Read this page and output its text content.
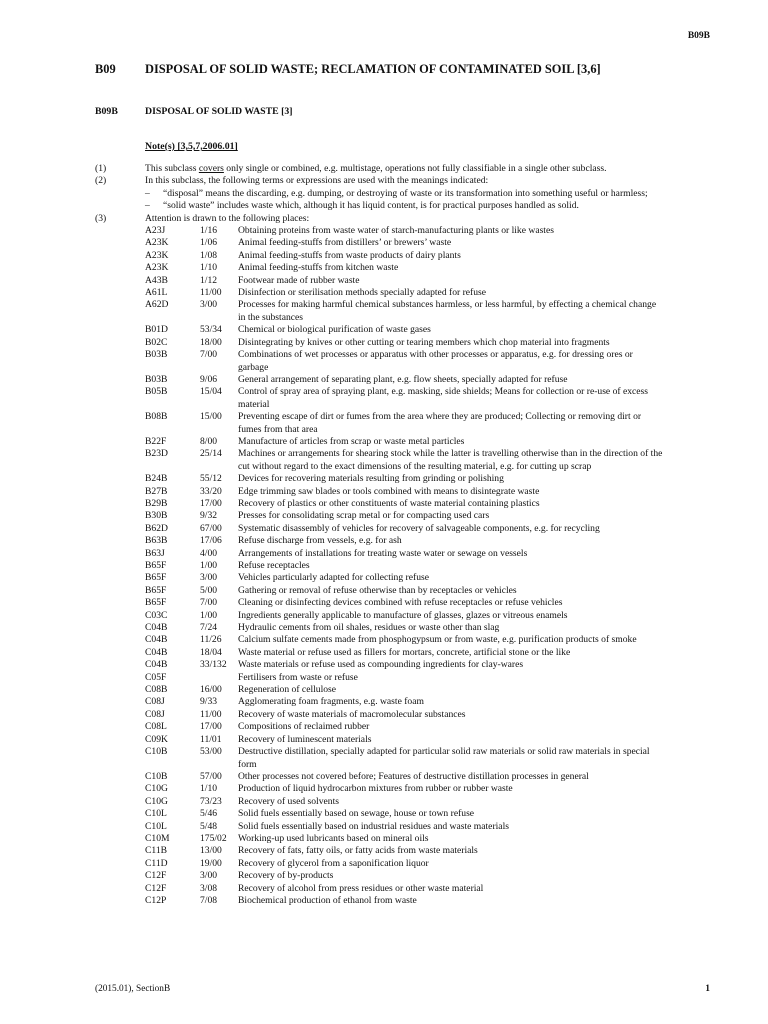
B09B
B09 DISPOSAL OF SOLID WASTE; RECLAMATION OF CONTAMINATED SOIL [3,6]
B09B	DISPOSAL OF SOLID WASTE [3]
Note(s) [3,5,7,2006.01]
(1)	This subclass covers only single or combined, e.g. multistage, operations not fully classifiable in a single other subclass.
(2)	In this subclass, the following terms or expressions are used with the meanings indicated:
– “disposal” means the discarding, e.g. dumping, or destroying of waste or its transformation into something useful or harmless;
– “solid waste” includes waste which, although it has liquid content, is for practical purposes handled as solid.
(3)	Attention is drawn to the following places:
A23J	1/16	Obtaining proteins from waste water of starch-manufacturing plants or like wastes
A23K	1/06	Animal feeding-stuffs from distillers’ or brewers’ waste
A23K	1/08	Animal feeding-stuffs from waste products of dairy plants
A23K	1/10	Animal feeding-stuffs from kitchen waste
A43B	1/12	Footwear made of rubber waste
A61L	11/00	Disinfection or sterilisation methods specially adapted for refuse
A62D	3/00	Processes for making harmful chemical substances harmless, or less harmful, by effecting a chemical change in the substances
B01D	53/34	Chemical or biological purification of waste gases
B02C	18/00	Disintegrating by knives or other cutting or tearing members which chop material into fragments
B03B	7/00	Combinations of wet processes or apparatus with other processes or apparatus, e.g. for dressing ores or garbage
B03B	9/06	General arrangement of separating plant, e.g. flow sheets, specially adapted for refuse
B05B	15/04	Control of spray area of spraying plant, e.g. masking, side shields; Means for collection or re-use of excess material
B08B	15/00	Preventing escape of dirt or fumes from the area where they are produced; Collecting or removing dirt or fumes from that area
B22F	8/00	Manufacture of articles from scrap or waste metal particles
B23D	25/14	Machines or arrangements for shearing stock while the latter is travelling otherwise than in the direction of the cut without regard to the exact dimensions of the resulting material, e.g. for cutting up scrap
B24B	55/12	Devices for recovering materials resulting from grinding or polishing
B27B	33/20	Edge trimming saw blades or tools combined with means to disintegrate waste
B29B	17/00	Recovery of plastics or other constituents of waste material containing plastics
B30B	9/32	Presses for consolidating scrap metal or for compacting used cars
B62D	67/00	Systematic disassembly of vehicles for recovery of salvageable components, e.g. for recycling
B63B	17/06	Refuse discharge from vessels, e.g. for ash
B63J	4/00	Arrangements of installations for treating waste water or sewage on vessels
B65F	1/00	Refuse receptacles
B65F	3/00	Vehicles particularly adapted for collecting refuse
B65F	5/00	Gathering or removal of refuse otherwise than by receptacles or vehicles
B65F	7/00	Cleaning or disinfecting devices combined with refuse receptacles or refuse vehicles
C03C	1/00	Ingredients generally applicable to manufacture of glasses, glazes or vitreous enamels
C04B	7/24	Hydraulic cements from oil shales, residues or waste other than slag
C04B	11/26	Calcium sulfate cements made from phosphogypsum or from waste, e.g. purification products of smoke
C04B	18/04	Waste material or refuse used as fillers for mortars, concrete, artificial stone or the like
C04B	33/132	Waste materials or refuse used as compounding ingredients for clay-wares
C05F		Fertilisers from waste or refuse
C08B	16/00	Regeneration of cellulose
C08J	9/33	Agglomerating foam fragments, e.g. waste foam
C08J	11/00	Recovery of waste materials of macromolecular substances
C08L	17/00	Compositions of reclaimed rubber
C09K	11/01	Recovery of luminescent materials
C10B	53/00	Destructive distillation, specially adapted for particular solid raw materials or solid raw materials in special form
C10B	57/00	Other processes not covered before; Features of destructive distillation processes in general
C10G	1/10	Production of liquid hydrocarbon mixtures from rubber or rubber waste
C10G	73/23	Recovery of used solvents
C10L	5/46	Solid fuels essentially based on sewage, house or town refuse
C10L	5/48	Solid fuels essentially based on industrial residues and waste materials
C10M	175/02	Working-up used lubricants based on mineral oils
C11B	13/00	Recovery of fats, fatty oils, or fatty acids from waste materials
C11D	19/00	Recovery of glycerol from a saponification liquor
C12F	3/00	Recovery of by-products
C12F	3/08	Recovery of alcohol from press residues or other waste material
C12P	7/08	Biochemical production of ethanol from waste
(2015.01), SectionB	1
